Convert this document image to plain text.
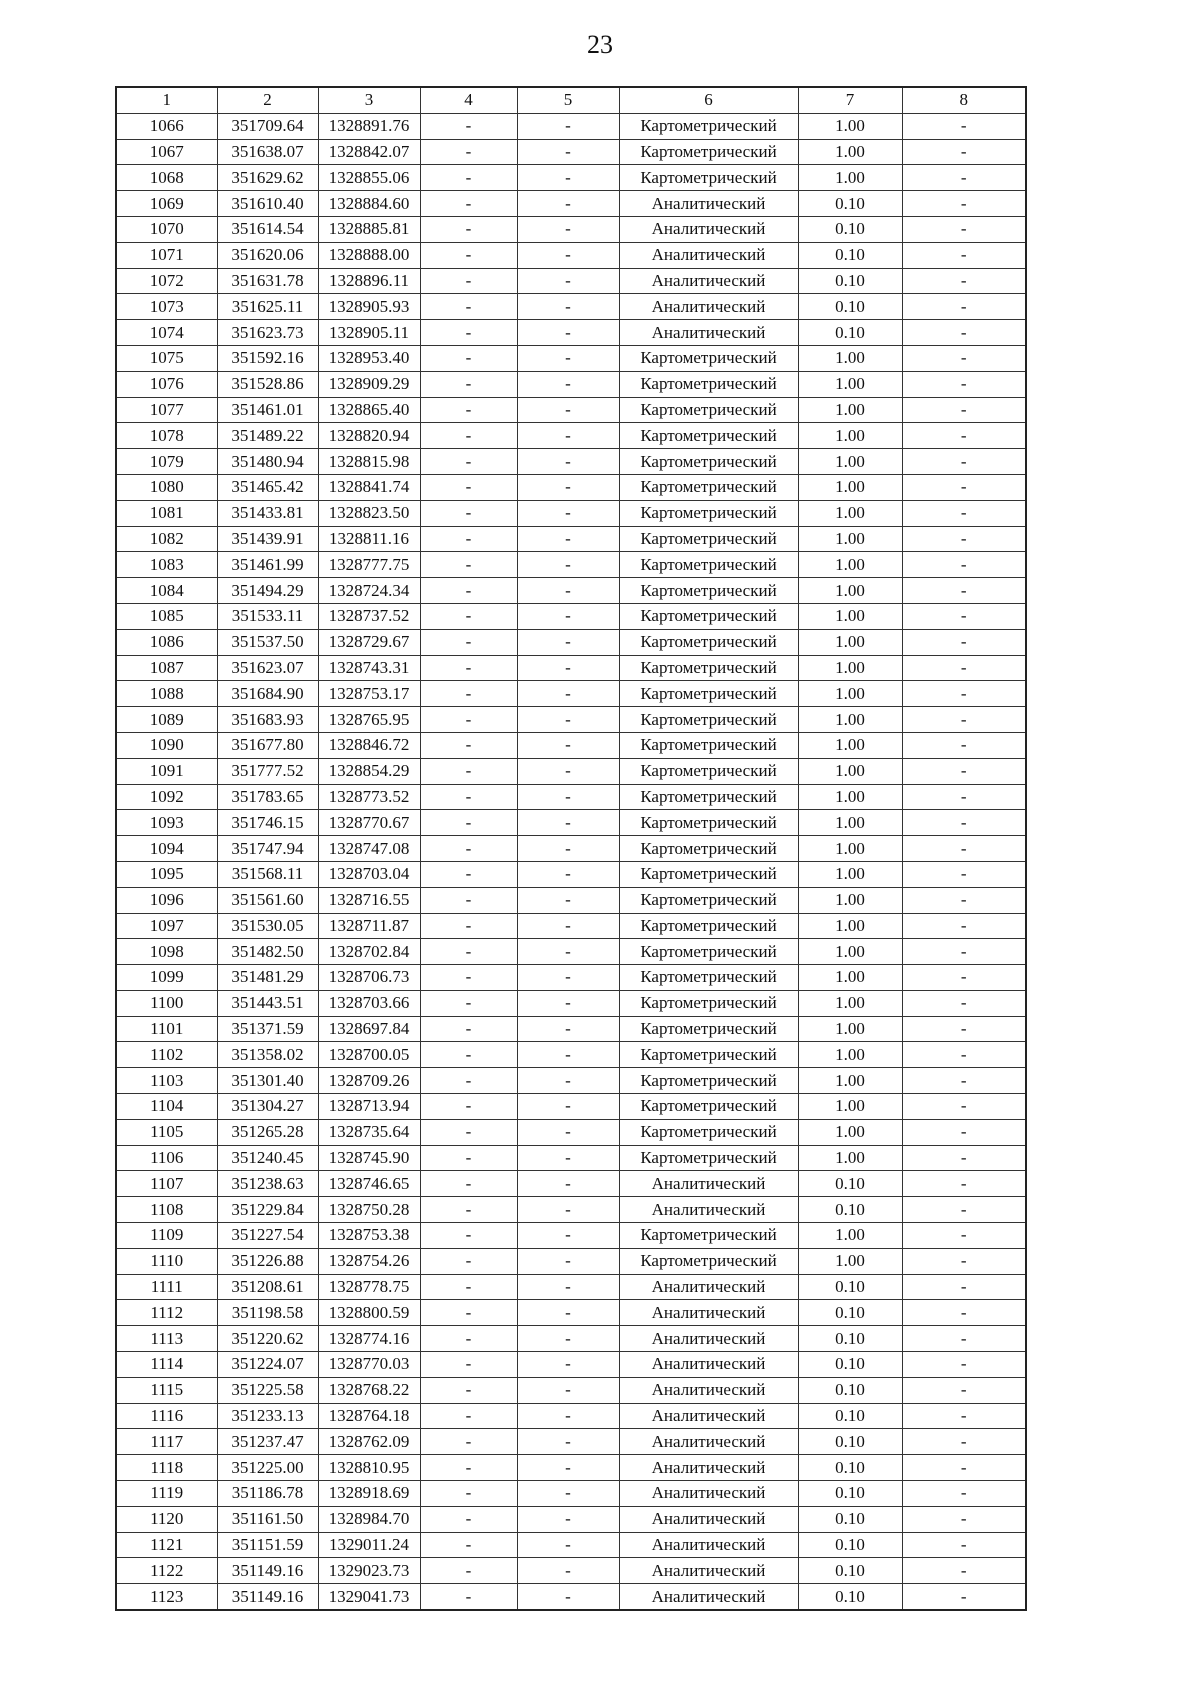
23
1	2	3	4	5	6	7	8
1066	351709.64	1328891.76	-	-	Картометрический	1.00	-
1067	351638.07	1328842.07	-	-	Картометрический	1.00	-
1068	351629.62	1328855.06	-	-	Картометрический	1.00	-
1069	351610.40	1328884.60	-	-	Аналитический	0.10	-
1070	351614.54	1328885.81	-	-	Аналитический	0.10	-
1071	351620.06	1328888.00	-	-	Аналитический	0.10	-
1072	351631.78	1328896.11	-	-	Аналитический	0.10	-
1073	351625.11	1328905.93	-	-	Аналитический	0.10	-
1074	351623.73	1328905.11	-	-	Аналитический	0.10	-
1075	351592.16	1328953.40	-	-	Картометрический	1.00	-
1076	351528.86	1328909.29	-	-	Картометрический	1.00	-
1077	351461.01	1328865.40	-	-	Картометрический	1.00	-
1078	351489.22	1328820.94	-	-	Картометрический	1.00	-
1079	351480.94	1328815.98	-	-	Картометрический	1.00	-
1080	351465.42	1328841.74	-	-	Картометрический	1.00	-
1081	351433.81	1328823.50	-	-	Картометрический	1.00	-
1082	351439.91	1328811.16	-	-	Картометрический	1.00	-
1083	351461.99	1328777.75	-	-	Картометрический	1.00	-
1084	351494.29	1328724.34	-	-	Картометрический	1.00	-
1085	351533.11	1328737.52	-	-	Картометрический	1.00	-
1086	351537.50	1328729.67	-	-	Картометрический	1.00	-
1087	351623.07	1328743.31	-	-	Картометрический	1.00	-
1088	351684.90	1328753.17	-	-	Картометрический	1.00	-
1089	351683.93	1328765.95	-	-	Картометрический	1.00	-
1090	351677.80	1328846.72	-	-	Картометрический	1.00	-
1091	351777.52	1328854.29	-	-	Картометрический	1.00	-
1092	351783.65	1328773.52	-	-	Картометрический	1.00	-
1093	351746.15	1328770.67	-	-	Картометрический	1.00	-
1094	351747.94	1328747.08	-	-	Картометрический	1.00	-
1095	351568.11	1328703.04	-	-	Картометрический	1.00	-
1096	351561.60	1328716.55	-	-	Картометрический	1.00	-
1097	351530.05	1328711.87	-	-	Картометрический	1.00	-
1098	351482.50	1328702.84	-	-	Картометрический	1.00	-
1099	351481.29	1328706.73	-	-	Картометрический	1.00	-
1100	351443.51	1328703.66	-	-	Картометрический	1.00	-
1101	351371.59	1328697.84	-	-	Картометрический	1.00	-
1102	351358.02	1328700.05	-	-	Картометрический	1.00	-
1103	351301.40	1328709.26	-	-	Картометрический	1.00	-
1104	351304.27	1328713.94	-	-	Картометрический	1.00	-
1105	351265.28	1328735.64	-	-	Картометрический	1.00	-
1106	351240.45	1328745.90	-	-	Картометрический	1.00	-
1107	351238.63	1328746.65	-	-	Аналитический	0.10	-
1108	351229.84	1328750.28	-	-	Аналитический	0.10	-
1109	351227.54	1328753.38	-	-	Картометрический	1.00	-
1110	351226.88	1328754.26	-	-	Картометрический	1.00	-
1111	351208.61	1328778.75	-	-	Аналитический	0.10	-
1112	351198.58	1328800.59	-	-	Аналитический	0.10	-
1113	351220.62	1328774.16	-	-	Аналитический	0.10	-
1114	351224.07	1328770.03	-	-	Аналитический	0.10	-
1115	351225.58	1328768.22	-	-	Аналитический	0.10	-
1116	351233.13	1328764.18	-	-	Аналитический	0.10	-
1117	351237.47	1328762.09	-	-	Аналитический	0.10	-
1118	351225.00	1328810.95	-	-	Аналитический	0.10	-
1119	351186.78	1328918.69	-	-	Аналитический	0.10	-
1120	351161.50	1328984.70	-	-	Аналитический	0.10	-
1121	351151.59	1329011.24	-	-	Аналитический	0.10	-
1122	351149.16	1329023.73	-	-	Аналитический	0.10	-
1123	351149.16	1329041.73	-	-	Аналитический	0.10	-
